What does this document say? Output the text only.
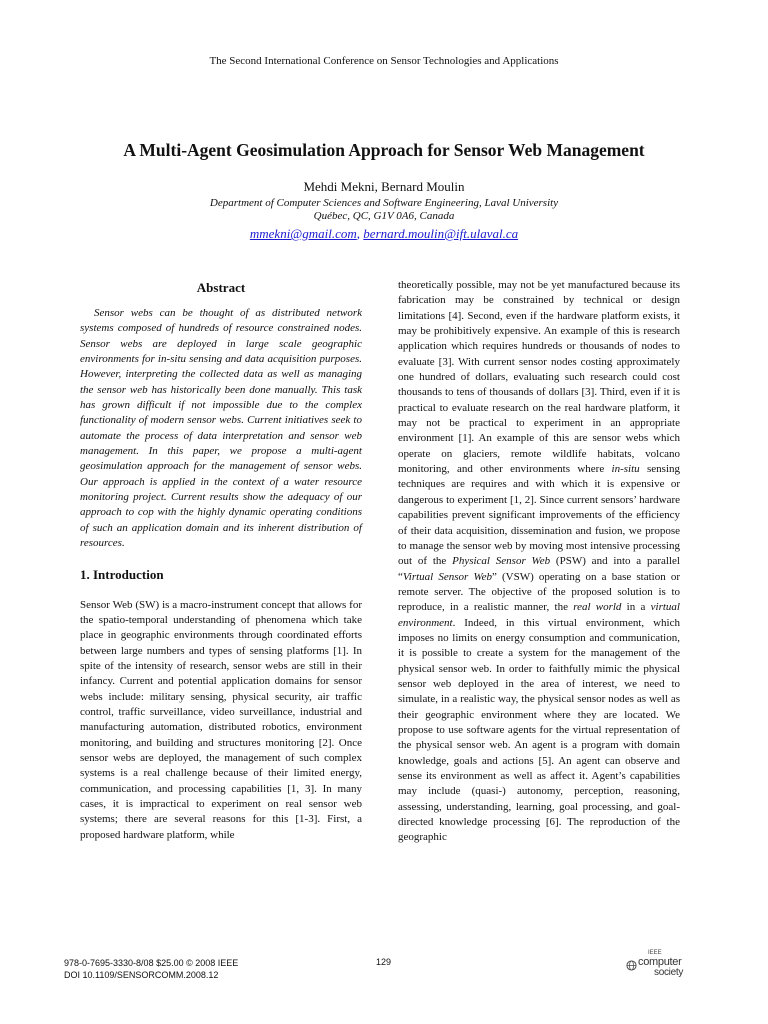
The Second International Conference on Sensor Technologies and Applications
A Multi-Agent Geosimulation Approach for Sensor Web Management
Mehdi Mekni, Bernard Moulin
Department of Computer Sciences and Software Engineering, Laval University
Québec, QC, G1V 0A6, Canada
mmekni@gmail.com, bernard.moulin@ift.ulaval.ca
Abstract

Sensor webs can be thought of as distributed network systems composed of hundreds of resource constrained nodes. Sensor webs are deployed in large scale geographic environments for in-situ sensing and data acquisition purposes. However, interpreting the collected data as well as managing the sensor web has historically been done manually. This task has grown difficult if not impossible due to the complex functionality of modern sensor webs. Current initiatives seek to automate the process of data interpretation and sensor web management. In this paper, we propose a multi-agent geosimulation approach for the management of sensor webs. Our approach is applied in the context of a water resource monitoring project. Current results show the adequacy of our approach to cop with the highly dynamic operating conditions of such an application domain and its inherent distribution of resources.

1. Introduction

Sensor Web (SW) is a macro-instrument concept that allows for the spatio-temporal understanding of phenomena which take place in geographic environments through coordinated efforts between large numbers and types of sensing platforms [1]. In spite of the intensity of research, sensor webs are still in their infancy. Current and potential application domains for sensor webs include: military sensing, physical security, air traffic control, traffic surveillance, video surveillance, industrial and manufacturing automation, distributed robotics, environment monitoring, and building and structures monitoring [2]. Once sensor webs are deployed, the management of such complex systems is a real challenge because of their limited energy, communication, and processing capabilities [1, 3]. In many cases, it is impractical to experiment on real sensor web systems; there are several reasons for this [1-3]. First, a proposed hardware platform, while

theoretically possible, may not be yet manufactured because its fabrication may be constrained by technical or design limitations [4]. Second, even if the hardware platform exists, it may be prohibitively expensive. An example of this is research application which requires hundreds or thousands of nodes to evaluate [3]. With current sensor nodes costing approximately one hundred of dollars, evaluating such research could cost thousands to tens of thousands of dollars [3]. Third, even if it is practical to evaluate research on the real hardware platform, it may not be practical to experiment in an appropriate environment [1]. An example of this are sensor webs which operate on glaciers, remote wildlife habitats, volcano monitoring, and other environments where in-situ sensing techniques are requires and with which it is expensive or dangerous to experiment [1, 2]. Since current sensors’ hardware capabilities prevent significant improvements of the efficiency of their data acquisition, dissemination and fusion, we propose to manage the sensor web by moving most intensive processing out of the Physical Sensor Web (PSW) and into a parallel “Virtual Sensor Web” (VSW) operating on a base station or remote server. The objective of the proposed solution is to reproduce, in a realistic manner, the real world in a virtual environment. Indeed, in this virtual environment, which imposes no limits on energy consumption and communication, it is possible to create a system for the management of the physical sensor web. In order to faithfully mimic the physical sensor web deployed in the area of interest, we need to simulate, in a realistic way, the physical sensor nodes as well as their geographic environment where they are located. We propose to use software agents for the virtual representation of the physical sensor web. An agent is a program with domain knowledge, goals and actions [5]. An agent can observe and sense its environment as well as affect it. Agent’s capabilities may include (quasi-) autonomy, perception, reasoning, assessing, understanding, learning, goal processing, and goal-directed knowledge processing [6]. The reproduction of the geographic

978-0-7695-3330-8/08 $25.00 © 2008 IEEE
DOI 10.1109/SENSORCOMM.2008.12
129
IEEE
computer
society
